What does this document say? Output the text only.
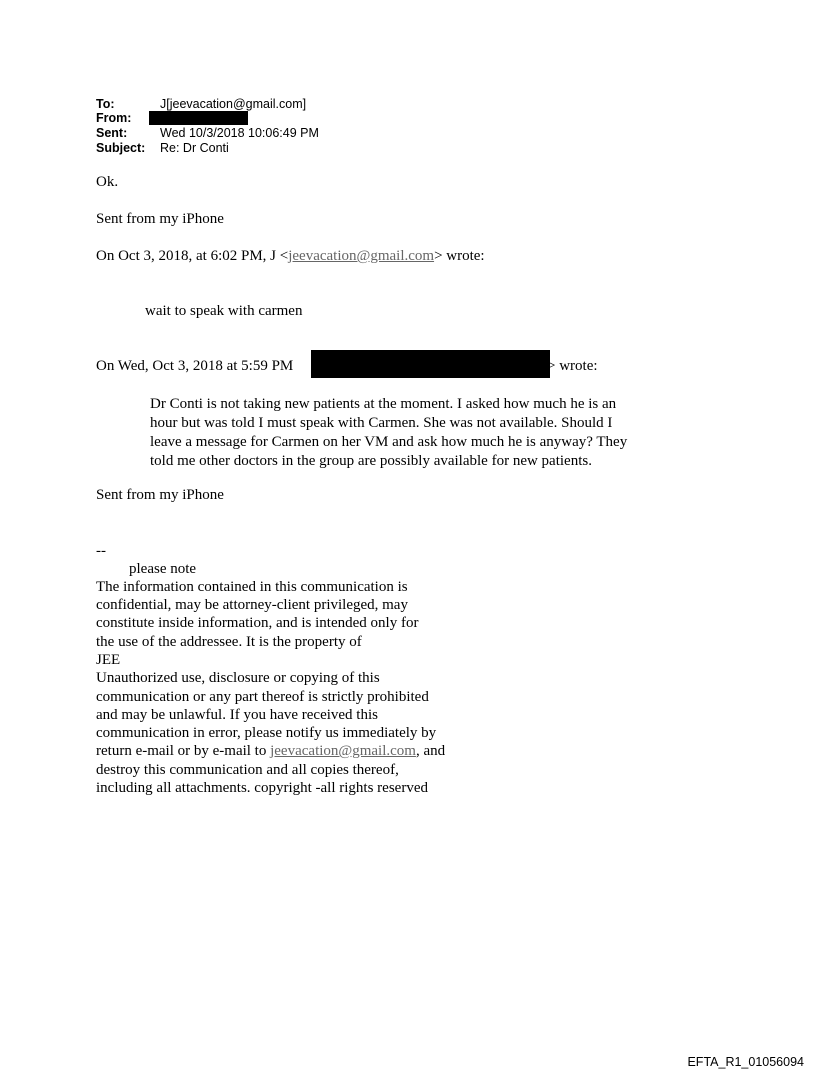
To:	J[jeevacation@gmail.com]
From:
Sent:	Wed 10/3/2018 10:06:49 PM
Subject: Re: Dr Conti
Ok.
Sent from my iPhone
On Oct 3, 2018, at 6:02 PM, J <jeevacation@gmail.com> wrote:
wait to speak with carmen
On Wed, Oct 3, 2018 at 5:59 PM	> wrote:
Dr Conti is not taking new patients at the moment. I asked how much he is an
hour but was told I must speak with Carmen. She was not available. Should I
leave a message for Carmen on her VM and ask how much he is anyway? They
told me other doctors in the group are possibly available for new patients.
Sent from my iPhone
--
please note
The information contained in this communication is
confidential, may be attorney-client privileged, may
constitute inside information, and is intended only for
the use of the addressee. It is the property of
JEE
Unauthorized use, disclosure or copying of this
communication or any part thereof is strictly prohibited
and may be unlawful. If you have received this
communication in error, please notify us immediately by
return e-mail or by e-mail to jeevacation@gmail.com, and
destroy this communication and all copies thereof,
including all attachments. copyright -all rights reserved
EFTA_R1_01056094
